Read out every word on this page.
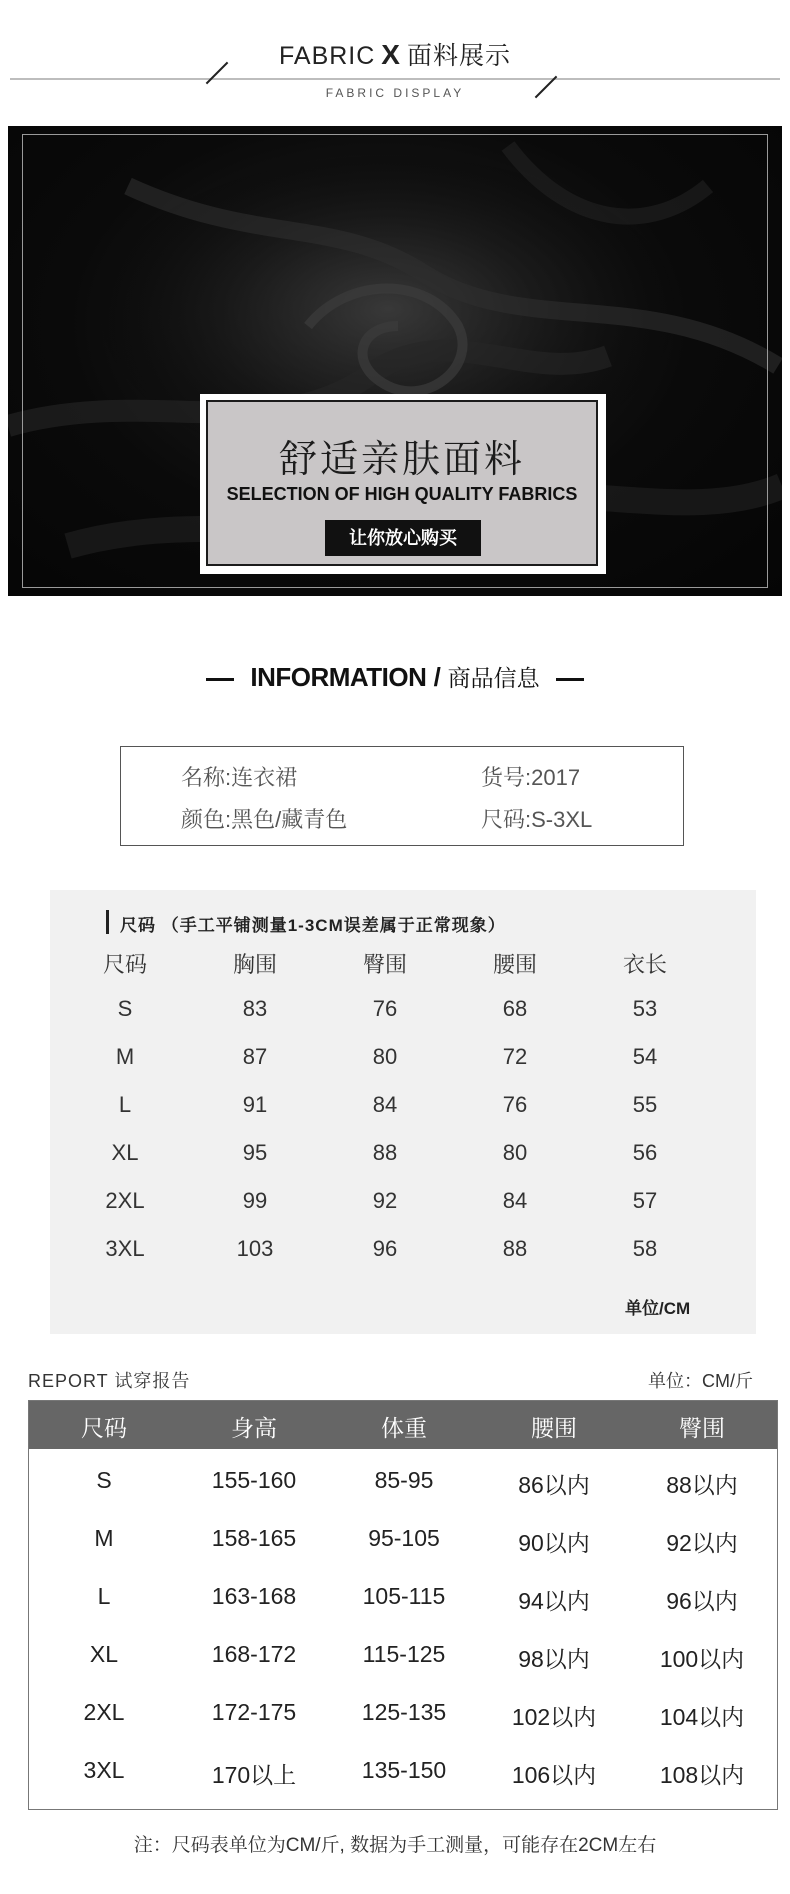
FABRIC X 面料展示
FABRIC DISPLAY
舒适亲肤面料
SELECTION OF HIGH QUALITY FABRICS
让你放心购买
INFORMATION / 商品信息
名称:连衣裙	货号:2017
颜色:黑色/藏青色	尺码:S-3XL
尺码 （手工平铺测量1-3CM误差属于正常现象）
尺码	胸围	臀围	腰围	衣长
S	83	76	68	53
M	87	80	72	54
L	91	84	76	55
XL	95	88	80	56
2XL	99	92	84	57
3XL	103	96	88	58
单位/CM
REPORT 试穿报告	单位：CM/斤
尺码	身高	体重	腰围	臀围
S	155-160	85-95	86以内	88以内
M	158-165	95-105	90以内	92以内
L	163-168	105-115	94以内	96以内
XL	168-172	115-125	98以内	100以内
2XL	172-175	125-135	102以内	104以内
3XL	170以上	135-150	106以内	108以内
注：尺码表单位为CM/斤, 数据为手工测量，可能存在2CM左右
